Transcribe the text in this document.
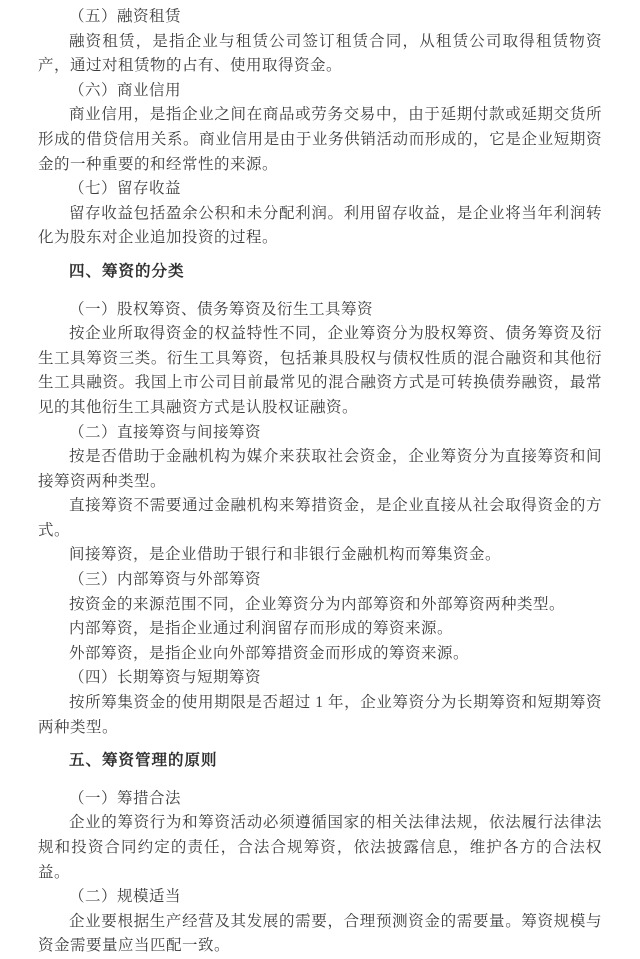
（五）融资租赁

融资租赁，是指企业与租赁公司签订租赁合同，从租赁公司取得租赁物资产，通过对租赁物的占有、使用取得资金。

（六）商业信用

商业信用，是指企业之间在商品或劳务交易中，由于延期付款或延期交货所形成的借贷信用关系。商业信用是由于业务供销活动而形成的，它是企业短期资金的一种重要的和经常性的来源。

（七）留存收益

留存收益包括盈余公积和未分配利润。利用留存收益，是企业将当年利润转化为股东对企业追加投资的过程。

四、筹资的分类

（一）股权筹资、债务筹资及衍生工具筹资

按企业所取得资金的权益特性不同，企业筹资分为股权筹资、债务筹资及衍生工具筹资三类。衍生工具筹资，包括兼具股权与债权性质的混合融资和其他衍生工具融资。我国上市公司目前最常见的混合融资方式是可转换债券融资，最常见的其他衍生工具融资方式是认股权证融资。

（二）直接筹资与间接筹资

按是否借助于金融机构为媒介来获取社会资金，企业筹资分为直接筹资和间接筹资两种类型。

直接筹资不需要通过金融机构来筹措资金，是企业直接从社会取得资金的方式。

间接筹资，是企业借助于银行和非银行金融机构而筹集资金。

（三）内部筹资与外部筹资

按资金的来源范围不同，企业筹资分为内部筹资和外部筹资两种类型。

内部筹资，是指企业通过利润留存而形成的筹资来源。

外部筹资，是指企业向外部筹措资金而形成的筹资来源。

（四）长期筹资与短期筹资

按所筹集资金的使用期限是否超过 1 年，企业筹资分为长期筹资和短期筹资两种类型。

五、筹资管理的原则

（一）筹措合法

企业的筹资行为和筹资活动必须遵循国家的相关法律法规，依法履行法律法规和投资合同约定的责任，合法合规筹资，依法披露信息，维护各方的合法权益。

（二）规模适当

企业要根据生产经营及其发展的需要，合理预测资金的需要量。筹资规模与资金需要量应当匹配一致。
